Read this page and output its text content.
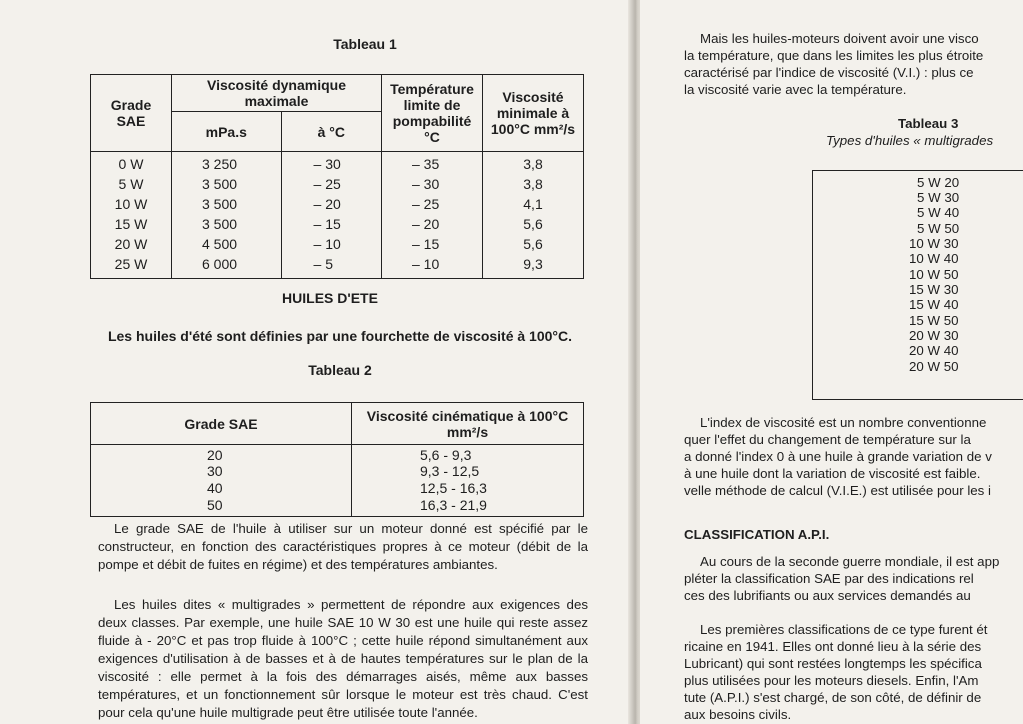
Tableau 1
Grade SAE	Viscosité dynamique maximale		Température limite de pompabilité °C	Viscosité minimale à 100°C mm²/s
	mPa.s	à °C		
0 W	3 250	– 30	– 35	3,8
5 W	3 500	– 25	– 30	3,8
10 W	3 500	– 20	– 25	4,1
15 W	3 500	– 15	– 20	5,6
20 W	4 500	– 10	– 15	5,6
25 W	6 000	– 5	– 10	9,3
HUILES D'ETE
Les huiles d'été sont définies par une fourchette de viscosité à 100°C.
Tableau 2
Grade SAE	Viscosité cinématique à 100°C mm²/s
20	5,6 - 9,3
30	9,3 - 12,5
40	12,5 - 16,3
50	16,3 - 21,9
Le grade SAE de l'huile à utiliser sur un moteur donné est spécifié par le constructeur, en fonction des caractéristiques propres à ce moteur (débit de la pompe et débit de fuites en régime) et des températures ambiantes.
Les huiles dites « multigrades » permettent de répondre aux exigences des deux classes. Par exemple, une huile SAE 10 W 30 est une huile qui reste assez fluide à - 20°C et pas trop fluide à 100°C ; cette huile répond simultanément aux exigences d'utilisation à de basses et à de hautes températures sur le plan de la viscosité : elle permet à la fois des démarrages aisés, même aux basses températures, et un fonctionnement sûr lorsque le moteur est très chaud. C'est pour cela qu'une huile multigrade peut être utilisée toute l'année.
Mais les huiles-moteurs doivent avoir une visco
la température, que dans les limites les plus étroite
caractérisé par l'indice de viscosité (V.I.) : plus ce
la viscosité varie avec la température.
Tableau 3
Types d'huiles « multigrades
5 W 20
5 W 30
5 W 40
5 W 50
10 W 30
10 W 40
10 W 50
15 W 30
15 W 40
15 W 50
20 W 30
20 W 40
20 W 50
L'index de viscosité est un nombre conventionne
quer l'effet du changement de température sur la
a donné l'index 0 à une huile à grande variation de v
à une huile dont la variation de viscosité est faible.
velle méthode de calcul (V.I.E.) est utilisée pour les i
CLASSIFICATION A.P.I.
Au cours de la seconde guerre mondiale, il est app
pléter la classification SAE par des indications rel
ces des lubrifiants ou aux services demandés au
Les premières classifications de ce type furent ét
ricaine en 1941. Elles ont donné lieu à la série des
Lubricant) qui sont restées longtemps les spécifica
plus utilisées pour les moteurs diesels. Enfin, l'Am
tute (A.P.I.) s'est chargé, de son côté, de définir de
aux besoins civils.
